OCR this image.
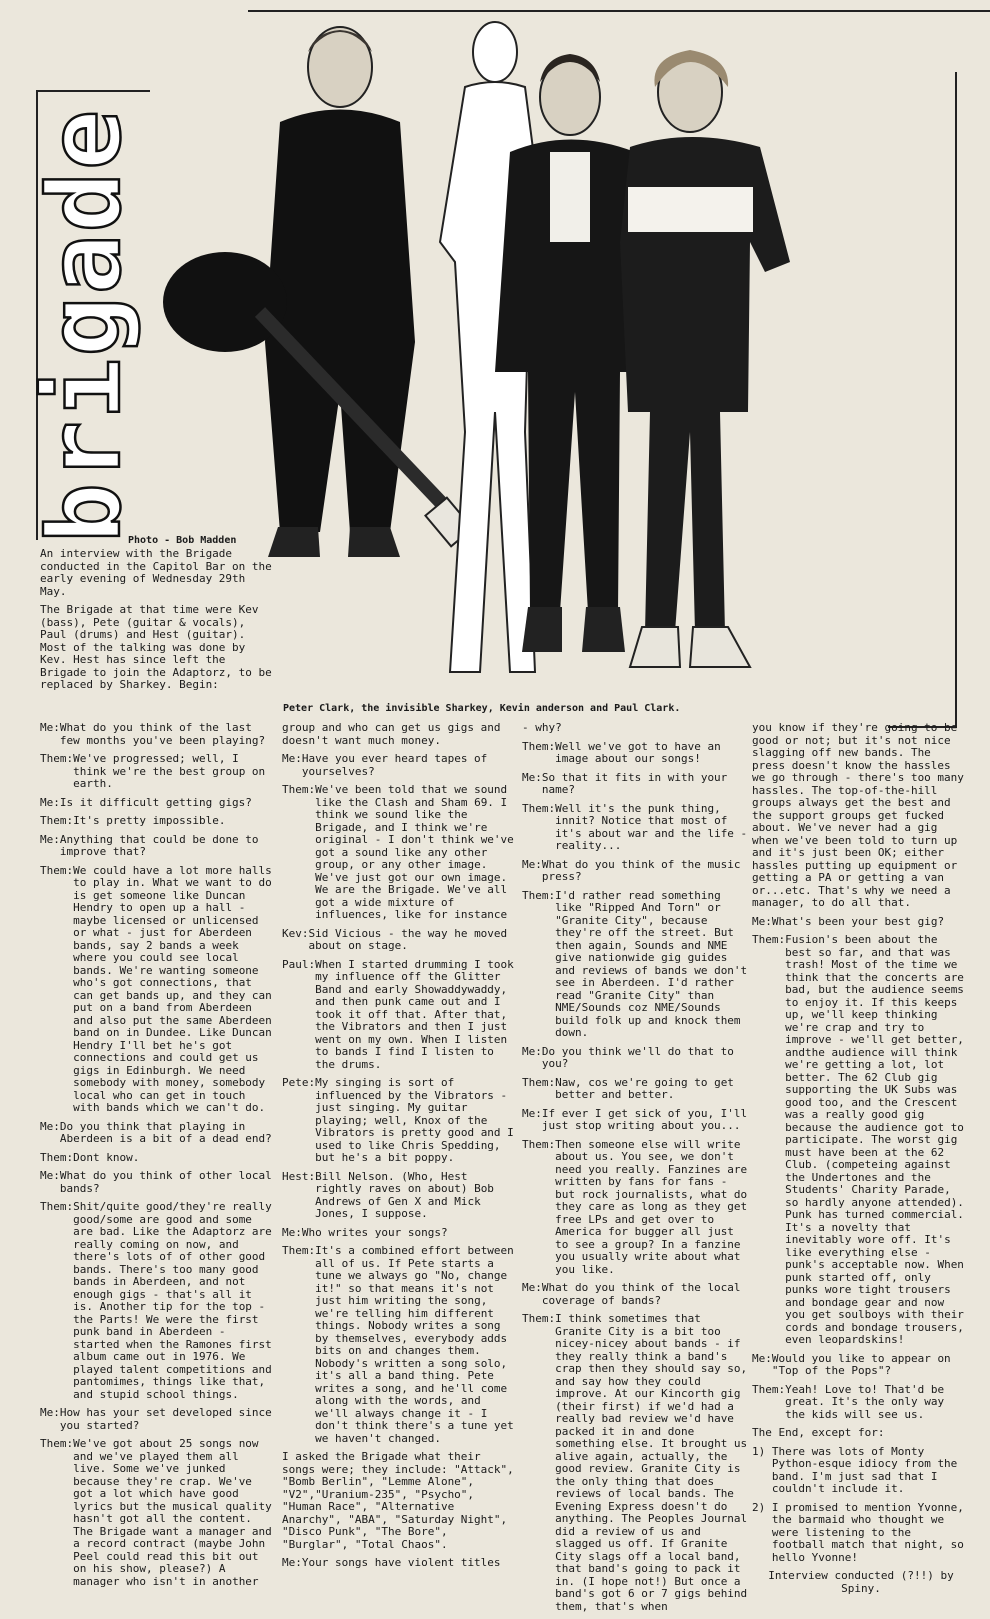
brigade
Photo - Bob Madden

An interview with the Brigade conducted in the Capitol Bar on the early evening of Wednesday 29th May.

The Brigade at that time were Kev (bass), Pete (guitar & vocals), Paul (drums) and Hest (guitar). Most of the talking was done by Kev. Hest has since left the Brigade to join the Adaptorz, to be replaced by Sharkey. Begin:

Peter Clark, the invisible Sharkey, Kevin anderson and Paul Clark.
Me: What do you think of the last few months you've been playing?
Them: We've progressed; well, I think we're the best group on earth.
Me: Is it difficult getting gigs?
Them: It's pretty impossible.
Me: Anything that could be done to improve that?
Them: We could have a lot more halls to play in. What we want to do is get someone like Duncan Hendry to open up a hall - maybe licensed or unlicensed or what - just for Aberdeen bands, say 2 bands a week where you could see local bands. We're wanting someone who's got connections, that can get bands up, and they can put on a band from Aberdeen and also put the same Aberdeen band on in Dundee. Like Duncan Hendry I'll bet he's got connections and could get us gigs in Edinburgh. We need somebody with money, somebody local who can get in touch with bands which we can't do.
Me: Do you think that playing in Aberdeen is a bit of a dead end?
Them: Dont know.
Me: What do you think of other local bands?
Them: Shit/quite good/they're really good/some are good and some are bad. Like the Adaptorz are really coming on now, and there's lots of of other good bands. There's too many good bands in Aberdeen, and not enough gigs - that's all it is. Another tip for the top - the Parts! We were the first punk band in Aberdeen - started when the Ramones first album came out in 1976. We played talent competitions and pantomimes, things like that, and stupid school things.
Me: How has your set developed since you started?
Them: We've got about 25 songs now and we've played them all live. Some we've junked because they're crap. We've got a lot which have good lyrics but the musical quality hasn't got all the content. The Brigade want a manager and a record contract (maybe John Peel could read this bit out on his show, please?) A manager who isn't in another
group and who can get us gigs and doesn't want much money.
Me: Have you ever heard tapes of yourselves?
Them: We've been told that we sound like the Clash and Sham 69. I think we sound like the Brigade, and I think we're original - I don't think we've got a sound like any other group, or any other image. We've just got our own image. We are the Brigade. We've all got a wide mixture of influences, like for instance
Kev: Sid Vicious - the way he moved about on stage.
Paul: When I started drumming I took my influence off the Glitter Band and early Showaddywaddy, and then punk came out and I took it off that. After that, the Vibrators and then I just went on my own. When I listen to bands I find I listen to the drums.
Pete: My singing is sort of influenced by the Vibrators - just singing. My guitar playing; well, Knox of the Vibrators is pretty good and I used to like Chris Spedding, but he's a bit poppy.
Hest: Bill Nelson. (Who, Hest rightly raves on about) Bob Andrews of Gen X and Mick Jones, I suppose.
Me: Who writes your songs?
Them: It's a combined effort between all of us. If Pete starts a tune we always go "No, change it!" so that means it's not just him writing the song, we're telling him different things. Nobody writes a song by themselves, everybody adds bits on and changes them. Nobody's written a song solo, it's all a band thing. Pete writes a song, and he'll come along with the words, and we'll always change it - I don't think there's a tune yet we haven't changed.
I asked the Brigade what their songs were; they include: "Attack", "Bomb Berlin", "Lemme Alone", "V2","Uranium-235", "Psycho", "Human Race", "Alternative Anarchy", "ABA", "Saturday Night", "Disco Punk", "The Bore", "Burglar", "Total Chaos".
Me: Your songs have violent titles
- why?
Them: Well we've got to have an image about our songs!
Me: So that it fits in with your name?
Them: Well it's the punk thing, innit? Notice that most of it's about war and the life - reality...
Me: What do you think of the music press?
Them: I'd rather read something like "Ripped And Torn" or "Granite City", because they're off the street. But then again, Sounds and NME give nationwide gig guides and reviews of bands we don't see in Aberdeen. I'd rather read "Granite City" than NME/Sounds coz NME/Sounds build folk up and knock them down.
Me: Do you think we'll do that to you?
Them: Naw, cos we're going to get better and better.
Me: If ever I get sick of you, I'll just stop writing about you...
Them: Then someone else will write about us. You see, we don't need you really. Fanzines are written by fans for fans - but rock journalists, what do they care as long as they get free LPs and get over to America for bugger all just to see a group? In a fanzine you usually write about what you like.
Me: What do you think of the local coverage of bands?
Them: I think sometimes that Granite City is a bit too nicey-nicey about bands - if they really think a band's crap then they should say so, and say how they could improve. At our Kincorth gig (their first) if we'd had a really bad review we'd have packed it in and done something else. It brought us alive again, actually, the good review. Granite City is the only thing that does reviews of local bands. The Evening Express doesn't do anything. The Peoples Journal did a review of us and slagged us off. If Granite City slags off a local band, that band's going to pack it in. (I hope not!) But once a band's got 6 or 7 gigs behind them, that's when
you know if they're going to be good or not; but it's not nice slagging off new bands. The press doesn't know the hassles we go through - there's too many hassles. The top-of-the-hill groups always get the best and the support groups get fucked about. We've never had a gig when we've been told to turn up and it's just been OK; either hassles putting up equipment or getting a PA or getting a van or...etc. That's why we need a manager, to do all that.
Me: What's been your best gig?
Them: Fusion's been about the best so far, and that was trash! Most of the time we think that the concerts are bad, but the audience seems to enjoy it. If this keeps up, we'll keep thinking we're crap and try to improve - we'll get better, andthe audience will think we're getting a lot, lot better. The 62 Club gig supporting the UK Subs was good too, and the Crescent was a really good gig because the audience got to participate. The worst gig must have been at the 62 Club. (competeing against the Undertones and the Students' Charity Parade, so hardly anyone attended). Punk has turned commercial. It's a novelty that inevitably wore off. It's like everything else - punk's acceptable now. When punk started off, only punks wore tight trousers and bondage gear and now you get soulboys with their cords and bondage trousers, even leopardskins!
Me: Would you like to appear on "Top of the Pops"?
Them: Yeah! Love to! That'd be great. It's the only way the kids will see us.
The End, except for:
1) There was lots of Monty Python-esque idiocy from the band. I'm just sad that I couldn't include it.
2) I promised to mention Yvonne, the barmaid who thought we were listening to the football match that night, so hello Yvonne!
Interview conducted (?!!) by Spiny.
